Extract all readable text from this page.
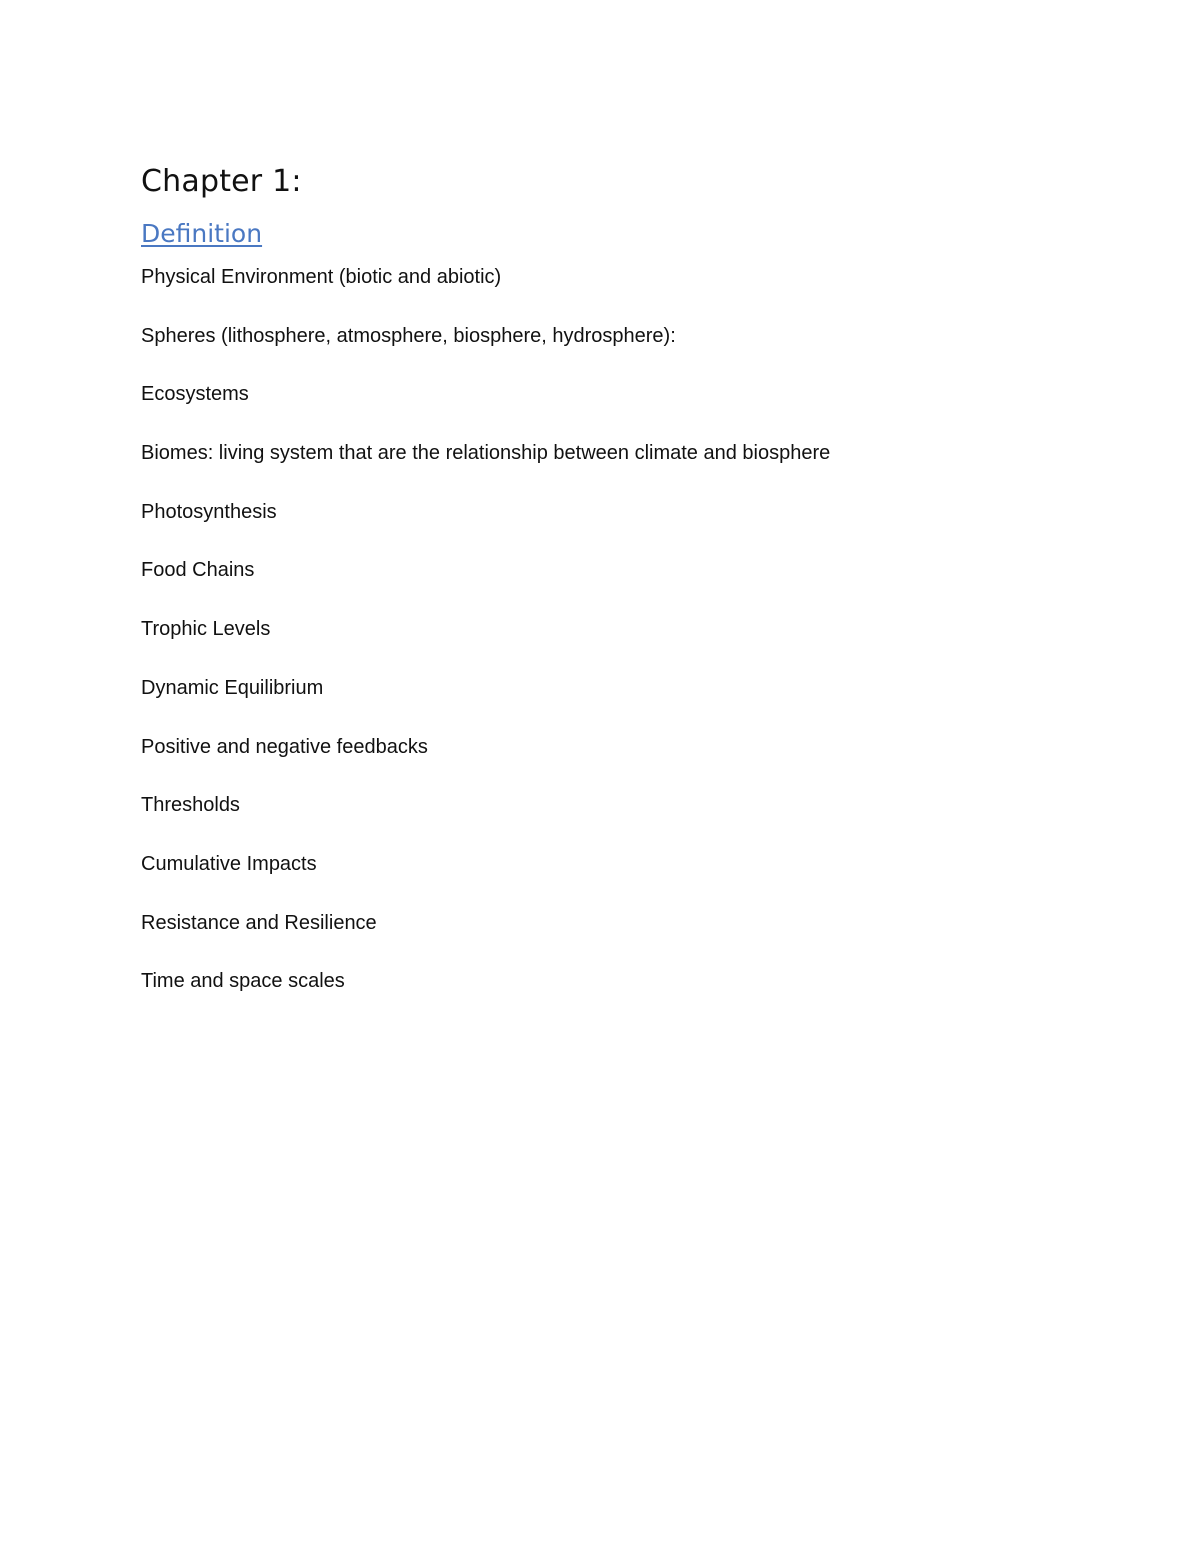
Chapter 1:
Definition
Physical Environment (biotic and abiotic)
Spheres (lithosphere, atmosphere, biosphere, hydrosphere):
Ecosystems
Biomes: living system that are the relationship between climate and biosphere
Photosynthesis
Food Chains
Trophic Levels
Dynamic Equilibrium
Positive and negative feedbacks
Thresholds
Cumulative Impacts
Resistance and Resilience
Time and space scales
